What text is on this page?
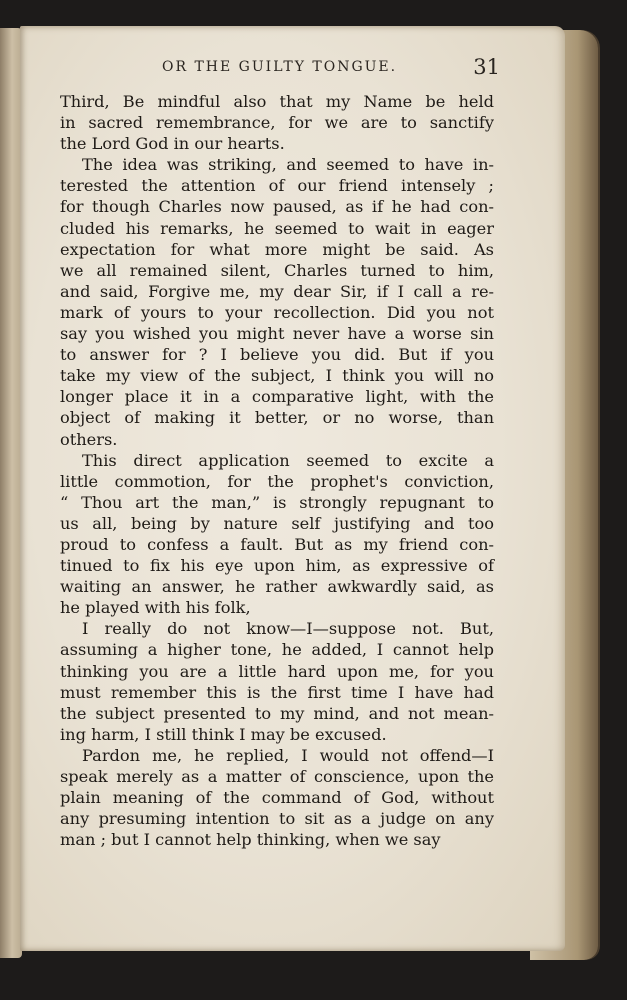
OR THE GUILTY TONGUE.	31

Third, Be mindful also that my Name be held
in sacred remembrance, for we are to sanctify
the Lord God in our hearts.

The idea was striking, and seemed to have in-
terested the attention of our friend intensely ;
for though Charles now paused, as if he had con-
cluded his remarks, he seemed to wait in eager
expectation for what more might be said. As
we all remained silent, Charles turned to him,
and said, Forgive me, my dear Sir, if I call a re-
mark of yours to your recollection. Did you not
say you wished you might never have a worse sin
to answer for ? I believe you did. But if you
take my view of the subject, I think you will no
longer place it in a comparative light, with the
object of making it better, or no worse, than
others.

This direct application seemed to excite a
little commotion, for the prophet's conviction,
“ Thou art the man,” is strongly repugnant to
us all, being by nature self justifying and too
proud to confess a fault. But as my friend con-
tinued to fix his eye upon him, as expressive of
waiting an answer, he rather awkwardly said, as
he played with his folk,

I really do not know—I—suppose not. But,
assuming a higher tone, he added, I cannot help
thinking you are a little hard upon me, for you
must remember this is the first time I have had
the subject presented to my mind, and not mean-
ing harm, I still think I may be excused.

Pardon me, he replied, I would not offend—I
speak merely as a matter of conscience, upon the
plain meaning of the command of God, without
any presuming intention to sit as a judge on any
man ; but I cannot help thinking, when we say
